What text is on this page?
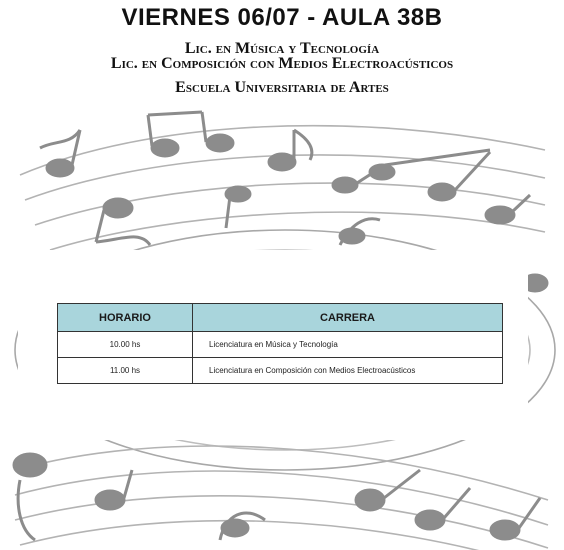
VIERNES 06/07 - AULA 38B
Lic. en Música y Tecnología
Lic. en Composición con Medios Electroacústicos
Escuela Universitaria de Artes
HORARIO	CARRERA
10.00 hs	Licenciatura en Música y Tecnología
11.00 hs	Licenciatura en Composición con Medios Electroacústicos
